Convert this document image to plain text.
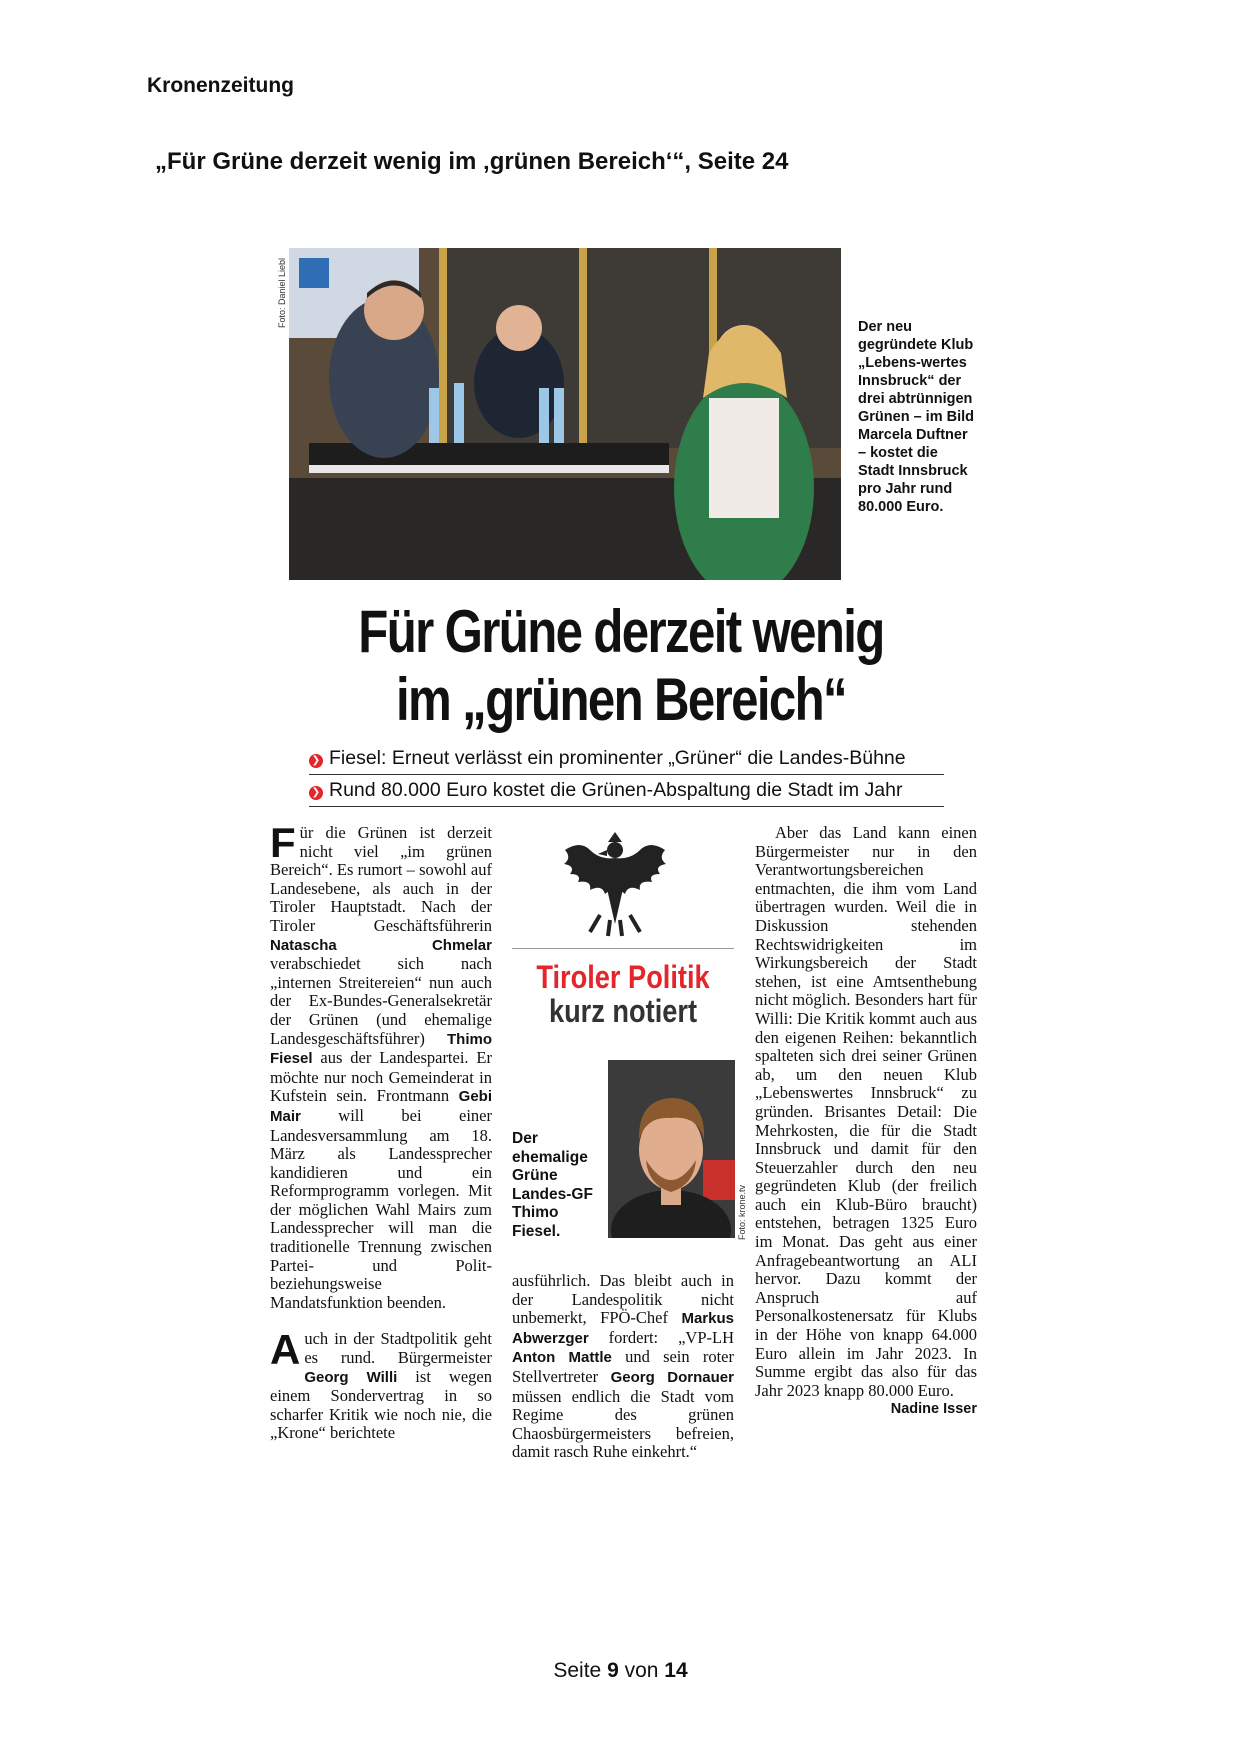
Kronenzeitung
„Für Grüne derzeit wenig im ‚grünen Bereich‘“, Seite 24
Foto: Daniel Liebl	Der neu gegründete Klub „Lebens-wertes Innsbruck“ der drei abtrünnigen Grünen – im Bild Marcela Duftner – kostet die Stadt Innsbruck pro Jahr rund 80.000 Euro.
Für Grüne derzeit wenig
im „grünen Bereich“
❯ Fiesel: Erneut verlässt ein prominenter „Grüner“ die Landes-Bühne
❯ Rund 80.000 Euro kostet die Grünen-Abspaltung die Stadt im Jahr

Für die Grünen ist derzeit nicht viel „im grünen Bereich“. Es rumort – sowohl auf Landesebene, als auch in der Tiroler Hauptstadt. Nach der Tiroler Geschäftsführerin Natascha Chmelar verabschiedet sich nach „internen Streitereien“ nun auch der Ex-Bundes-Generalsekretär der Grünen (und ehemalige Landesgeschäftsführer) Thimo Fiesel aus der Landespartei. Er möchte nur noch Gemeinderat in Kufstein sein. Frontmann Gebi Mair will bei einer Landesversammlung am 18. März als Landessprecher kandidieren und ein Reformprogramm vorlegen. Mit der möglichen Wahl Mairs zum Landessprecher will man die traditionelle Trennung zwischen Partei- und Polit- beziehungsweise Mandatsfunktion beenden.

Auch in der Stadtpolitik geht es rund. Bürgermeister Georg Willi ist wegen einem Sondervertrag in so scharfer Kritik wie noch nie, die „Krone“ berichtete

Tiroler Politik
kurz notiert
Der ehemalige Grüne Landes-GF Thimo Fiesel.	Foto: krone.tv

ausführlich. Das bleibt auch in der Landespolitik nicht unbemerkt, FPÖ-Chef Markus Abwerzger fordert: „VP-LH Anton Mattle und sein roter Stellvertreter Georg Dornauer müssen endlich die Stadt vom Regime des grünen Chaosbürgermeisters befreien, damit rasch Ruhe einkehrt.“

Aber das Land kann einen Bürgermeister nur in den Verantwortungsbereichen entmachten, die ihm vom Land übertragen wurden. Weil die in Diskussion stehenden Rechtswidrigkeiten im Wirkungsbereich der Stadt stehen, ist eine Amtsenthebung nicht möglich. Besonders hart für Willi: Die Kritik kommt auch aus den eigenen Reihen: bekanntlich spalteten sich drei seiner Grünen ab, um den neuen Klub „Lebenswertes Innsbruck“ zu gründen. Brisantes Detail: Die Mehrkosten, die für die Stadt Innsbruck und damit für den Steuerzahler durch den neu gegründeten Klub (der freilich auch ein Klub-Büro braucht) entstehen, betragen 1325 Euro im Monat. Das geht aus einer Anfragebeantwortung an ALI hervor. Dazu kommt der Anspruch auf Personalkostenersatz für Klubs in der Höhe von knapp 64.000 Euro allein im Jahr 2023. In Summe ergibt das also für das Jahr 2023 knapp 80.000 Euro.
Nadine Isser

Seite 9 von 14
